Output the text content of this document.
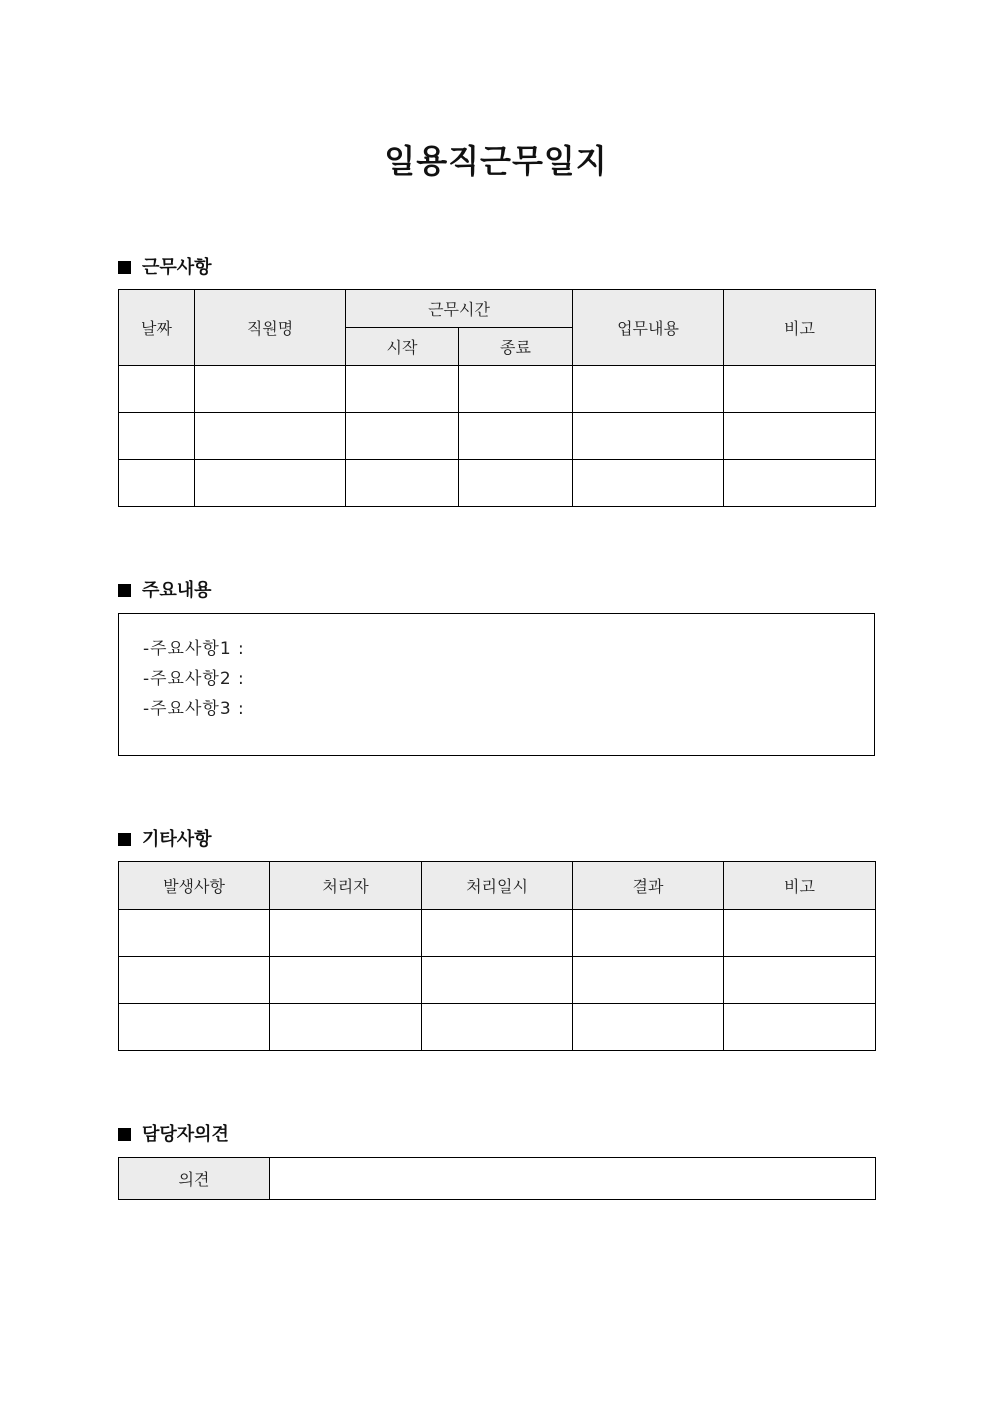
일용직근무일지
근무사항
날짜	직원명	근무시간		업무내용	비고
		시작	종료		

주요내용
-주요사항1 :
-주요사항2 :
-주요사항3 :
기타사항
발생사항	처리자	처리일시	결과	비고

담당자의견
의견	
